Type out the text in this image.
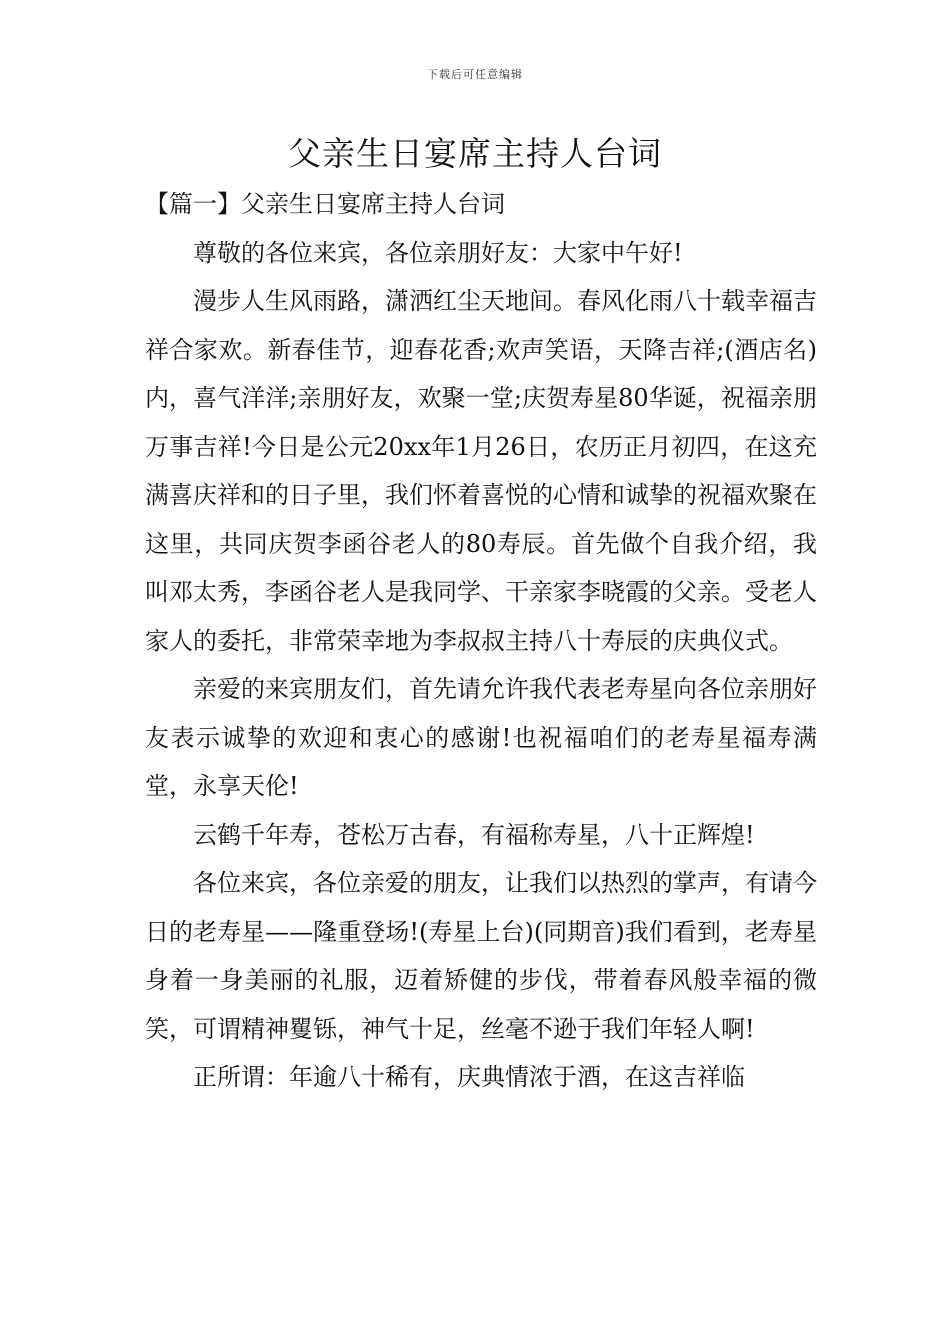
下载后可任意编辑
父亲生日宴席主持人台词

【篇一】父亲生日宴席主持人台词

尊敬的各位来宾，各位亲朋好友：大家中午好!

漫步人生风雨路，潇洒红尘天地间。春风化雨八十载幸福吉祥合家欢。新春佳节，迎春花香;欢声笑语，天降吉祥;(酒店名)内，喜气洋洋;亲朋好友，欢聚一堂;庆贺寿星80华诞，祝福亲朋万事吉祥!今日是公元20xx年1月26日，农历正月初四，在这充满喜庆祥和的日子里，我们怀着喜悦的心情和诚挚的祝福欢聚在这里，共同庆贺李函谷老人的80寿辰。首先做个自我介绍，我叫邓太秀，李函谷老人是我同学、干亲家李晓霞的父亲。受老人家人的委托，非常荣幸地为李叔叔主持八十寿辰的庆典仪式。

亲爱的来宾朋友们，首先请允许我代表老寿星向各位亲朋好友表示诚挚的欢迎和衷心的感谢!也祝福咱们的老寿星福寿满堂，永享天伦!

云鹤千年寿，苍松万古春，有福称寿星，八十正辉煌!

各位来宾，各位亲爱的朋友，让我们以热烈的掌声，有请今日的老寿星——隆重登场!(寿星上台)(同期音)我们看到，老寿星身着一身美丽的礼服，迈着矫健的步伐，带着春风般幸福的微笑，可谓精神矍铄，神气十足，丝毫不逊于我们年轻人啊!

正所谓：年逾八十稀有，庆典情浓于酒，在这吉祥临
